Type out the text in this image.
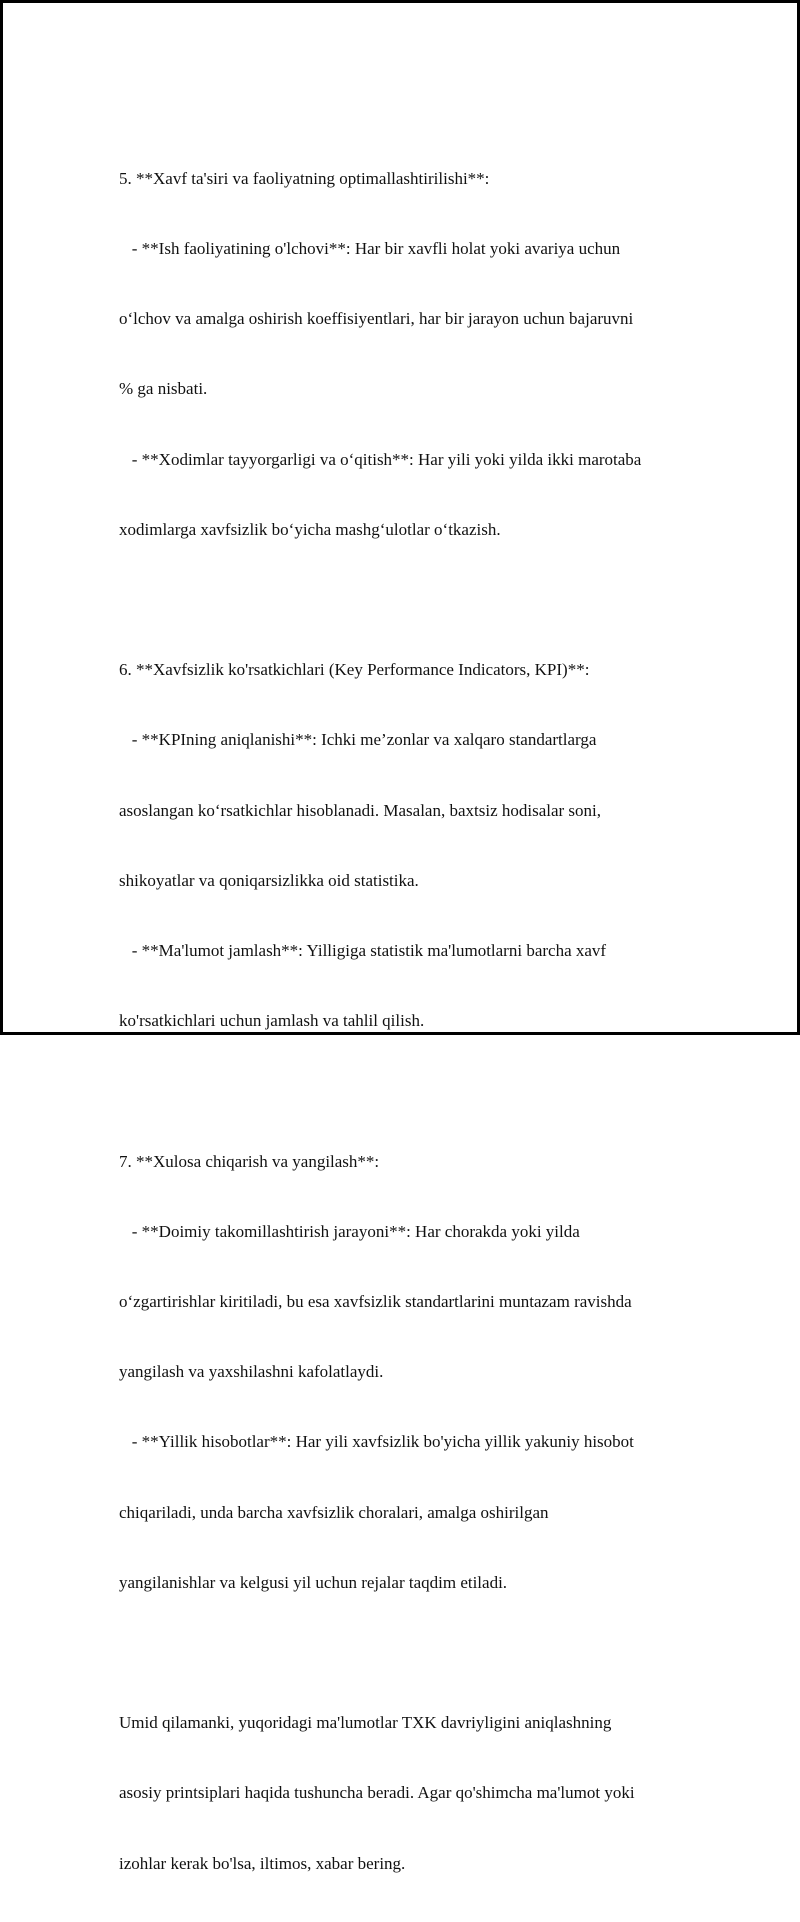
5. **Xavf ta'siri va faoliyatning optimallashtirilishi**:

- **Ish faoliyatining o'lchovi**: Har bir xavfli holat yoki avariya uchun

o‘lchov va amalga oshirish koeffisiyentlari, har bir jarayon uchun bajaruvni

% ga nisbati.

- **Xodimlar tayyorgarligi va o‘qitish**: Har yili yoki yilda ikki marotaba

xodimlarga xavfsizlik bo‘yicha mashg‘ulotlar o‘tkazish.

6. **Xavfsizlik ko'rsatkichlari (Key Performance Indicators, KPI)**:

- **KPIning aniqlanishi**: Ichki me’zonlar va xalqaro standartlarga

asoslangan ko‘rsatkichlar hisoblanadi. Masalan, baxtsiz hodisalar soni,

shikoyatlar va qoniqarsizlikka oid statistika.

- **Ma'lumot jamlash**: Yilligiga statistik ma'lumotlarni barcha xavf

ko'rsatkichlari uchun jamlash va tahlil qilish.

7. **Xulosa chiqarish va yangilash**:

- **Doimiy takomillashtirish jarayoni**: Har chorakda yoki yilda

o‘zgartirishlar kiritiladi, bu esa xavfsizlik standartlarini muntazam ravishda

yangilash va yaxshilashni kafolatlaydi.

- **Yillik hisobotlar**: Har yili xavfsizlik bo'yicha yillik yakuniy hisobot

chiqariladi, unda barcha xavfsizlik choralari, amalga oshirilgan

yangilanishlar va kelgusi yil uchun rejalar taqdim etiladi.

Umid qilamanki, yuqoridagi ma'lumotlar TXK davriyligini aniqlashning

asosiy printsiplari haqida tushuncha beradi. Agar qo'shimcha ma'lumot yoki

izohlar kerak bo'lsa, iltimos, xabar bering.
